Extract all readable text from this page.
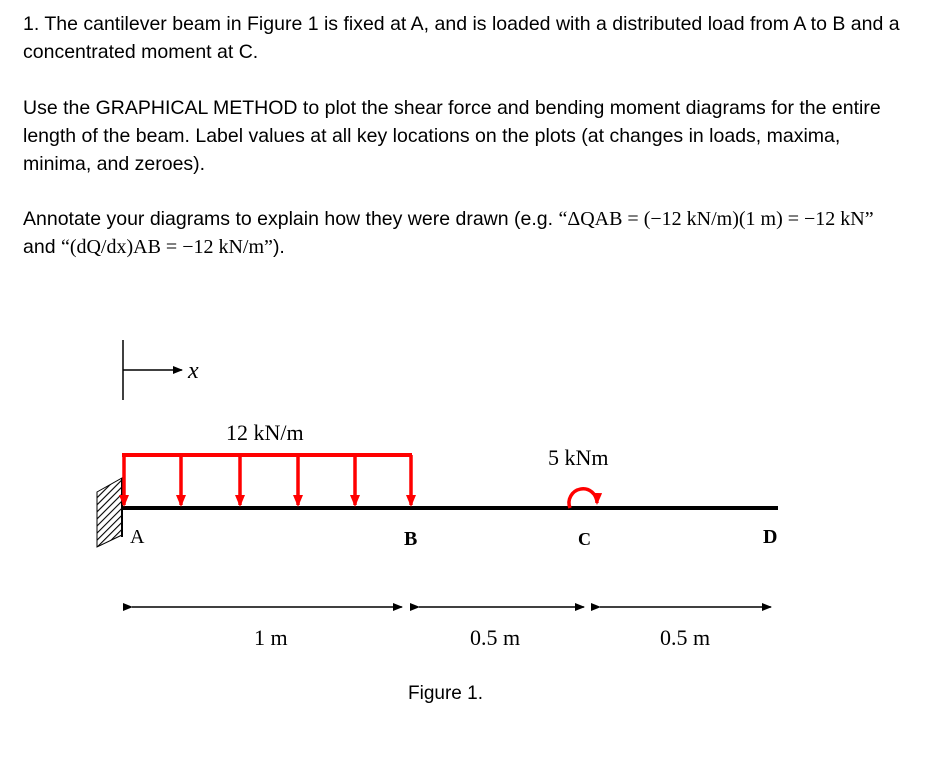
1. The cantilever beam in Figure 1 is fixed at A, and is loaded with a distributed load from A to B and a concentrated moment at C.

Use the GRAPHICAL METHOD to plot the shear force and bending moment diagrams for the entire length of the beam. Label values at all key locations on the plots (at changes in loads, maxima, minima, and zeroes).

Annotate your diagrams to explain how they were drawn (e.g. “ΔQAB = (−12 kN/m)(1 m) = −12 kN” and “(dQ/dx)AB = −12 kN/m”).

x
12 kN/m
5 kNm
A	B	C	D
1 m	0.5 m	0.5 m
Figure 1.
